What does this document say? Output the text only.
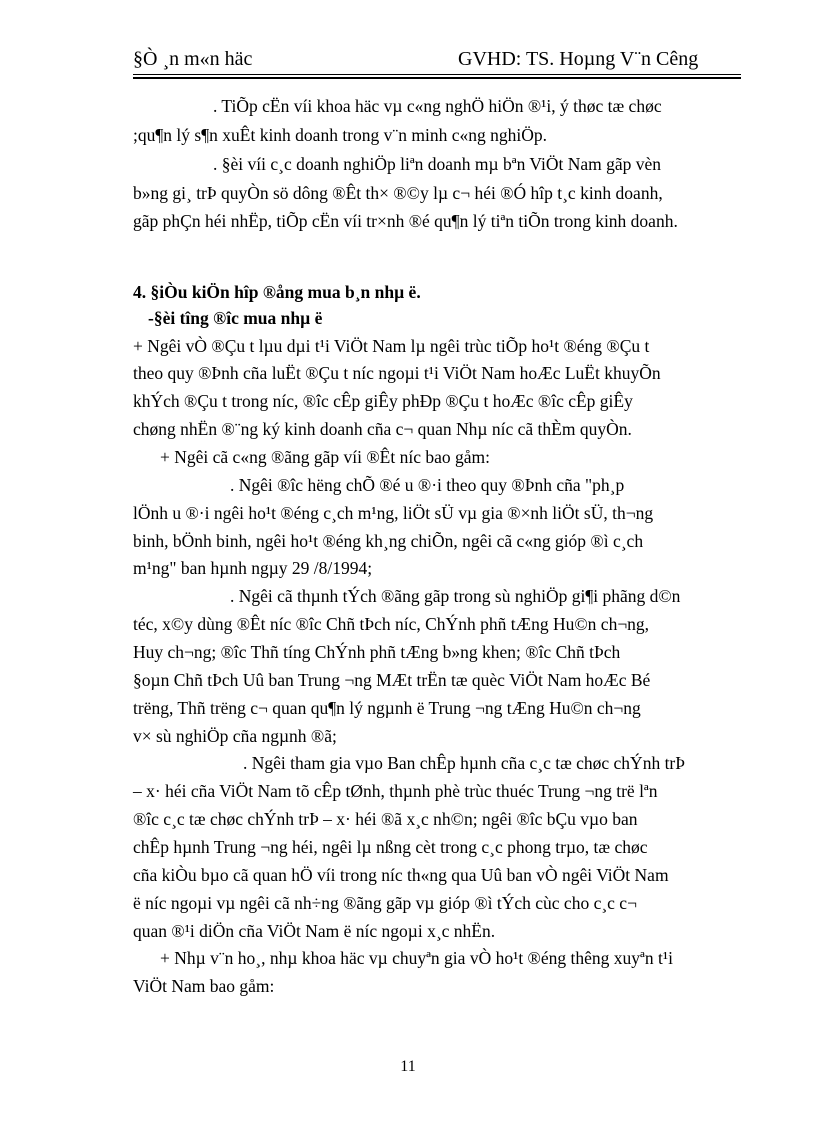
§Ò ¸n m«n häc	GVHD: TS. Hoµng V¨n Cêng
. TiÕp cËn víi khoa häc vµ c«ng nghÖ hiÖn ®¹i, ý thøc tæ chøc
;qu¶n lý s¶n xuÊt kinh doanh trong v¨n minh c«ng nghiÖp.
. §èi víi c¸c doanh nghiÖp liªn doanh mµ bªn ViÖt Nam gãp vèn
b»ng gi¸ trÞ quyÒn sö dông ®Êt th× ®©y lµ c¬ héi ®Ó hîp t¸c kinh doanh,
gãp phÇn héi nhËp, tiÕp cËn víi tr×nh ®é qu¶n lý tiªn tiÕn trong kinh doanh.
4. §iÒu kiÖn hîp ®ång mua b¸n nhµ ë.
-§èi tîng ®îc mua nhµ ë
+ Ngêi vÒ ®Çu t lµu dµi t¹i ViÖt Nam lµ ngêi trùc tiÕp ho¹t ®éng ®Çu t
theo quy ®Þnh cña luËt ®Çu t níc ngoµi t¹i ViÖt Nam hoÆc LuËt khuyÕn
khÝch ®Çu t trong níc, ®îc cÊp giÊy phÐp ®Çu t hoÆc ®îc cÊp giÊy
chøng nhËn ®¨ng ký kinh doanh cña c¬ quan Nhµ níc cã thÈm quyÒn.
+ Ngêi cã c«ng ®ãng gãp víi ®Êt níc bao gåm:
. Ngêi ®îc hëng chÕ ®é u ®·i theo quy ®Þnh cña "ph¸p
lÖnh u ®·i ngêi ho¹t ®éng c¸ch m¹ng, liÖt sÜ vµ gia ®×nh liÖt sÜ, th¬ng
binh, bÖnh binh, ngêi ho¹t ®éng kh¸ng chiÕn, ngêi cã c«ng gióp ®ì c¸ch
m¹ng" ban hµnh ngµy 29 /8/1994;
. Ngêi cã thµnh tÝch ®ãng gãp trong sù nghiÖp gi¶i phãng d©n
téc, x©y dùng ®Êt níc ®îc Chñ tÞch níc, ChÝnh phñ tÆng Hu©n ch¬ng,
Huy ch¬ng; ®îc Thñ tíng ChÝnh phñ tÆng b»ng khen; ®îc Chñ tÞch
§oµn Chñ tÞch Uû ban Trung ¬ng MÆt trËn tæ quèc ViÖt Nam hoÆc Bé
trëng, Thñ trëng c¬ quan qu¶n lý ngµnh ë Trung ¬ng tÆng Hu©n ch¬ng
v× sù nghiÖp cña ngµnh ®ã;
. Ngêi tham gia vµo Ban chÊp hµnh cña c¸c tæ chøc chÝnh trÞ
– x· héi cña ViÖt Nam tõ cÊp tØnh, thµnh phè trùc thuéc Trung ¬ng trë lªn
®îc c¸c tæ chøc chÝnh trÞ – x· héi ®ã x¸c nh©n; ngêi ®îc bÇu vµo ban
chÊp hµnh Trung ¬ng héi, ngêi lµ nßng cèt trong c¸c phong trµo, tæ chøc
cña kiÒu bµo cã quan hÖ víi trong níc th«ng qua Uû ban vÒ ngêi ViÖt Nam
ë níc ngoµi vµ ngêi cã nh÷ng ®ãng gãp vµ gióp ®ì tÝch cùc cho c¸c c¬
quan ®¹i diÖn cña ViÖt Nam ë níc ngoµi x¸c nhËn.
+ Nhµ v¨n ho¸, nhµ khoa häc vµ chuyªn gia vÒ ho¹t ®éng thêng xuyªn t¹i
ViÖt Nam bao gåm:
11
